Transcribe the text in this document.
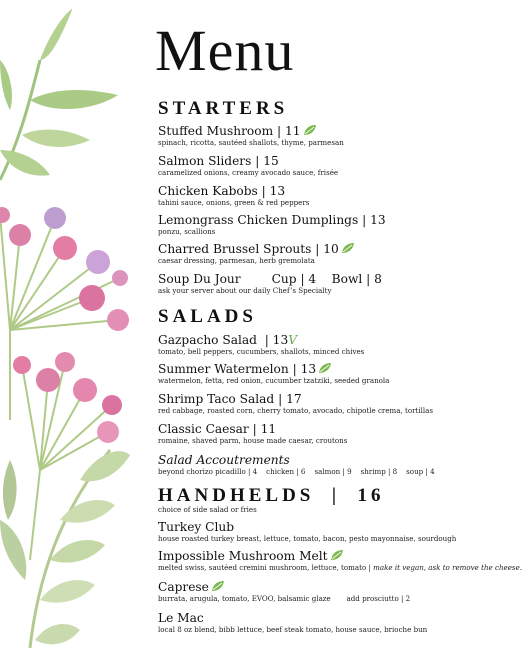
Menu
STARTERS
Stuffed Mushroom | 11
spinach, ricotta, sautéed shallots, thyme, parmesan
Salmon Sliders | 15
caramelized onions, creamy avocado sauce, frisée
Chicken Kabobs | 13
tahini sauce, onions, green & red peppers
Lemongrass Chicken Dumplings | 13
ponzu, scallions
Charred Brussel Sprouts | 10
caesar dressing, parmesan, herb gremolata
Soup Du Jour        Cup | 4    Bowl | 8
ask your server about our daily Chef’s Specialty
SALADS
Gazpacho Salad  | 13V
tomato, bell peppers, cucumbers, shallots, minced chives
Summer Watermelon | 13
watermelon, fetta, red onion, cucumber tzatziki, seeded granola
Shrimp Taco Salad | 17
red cabbage, roasted corn, cherry tomato, avocado, chipotle crema, tortillas
Classic Caesar | 11
romaine, shaved parm, house made caesar, croutons
Salad Accoutrements
beyond chorizo picadillo | 4    chicken | 6    salmon | 9    shrimp | 8    soup | 4
HANDHELDS  |  16
choice of side salad or fries
Turkey Club
house roasted turkey breast, lettuce, tomato, bacon, pesto mayonnaise, sourdough
Impossible Mushroom Melt
melted swiss, sautéed cremini mushroom, lettuce, tomato | make it vegan, ask to remove the cheese.
Caprese
burrata, arugula, tomato, EVOO, balsamic glaze       add prosciutto | 2
Le Mac
local 8 oz blend, bibb lettuce, beef steak tomato, house sauce, brioche bun
